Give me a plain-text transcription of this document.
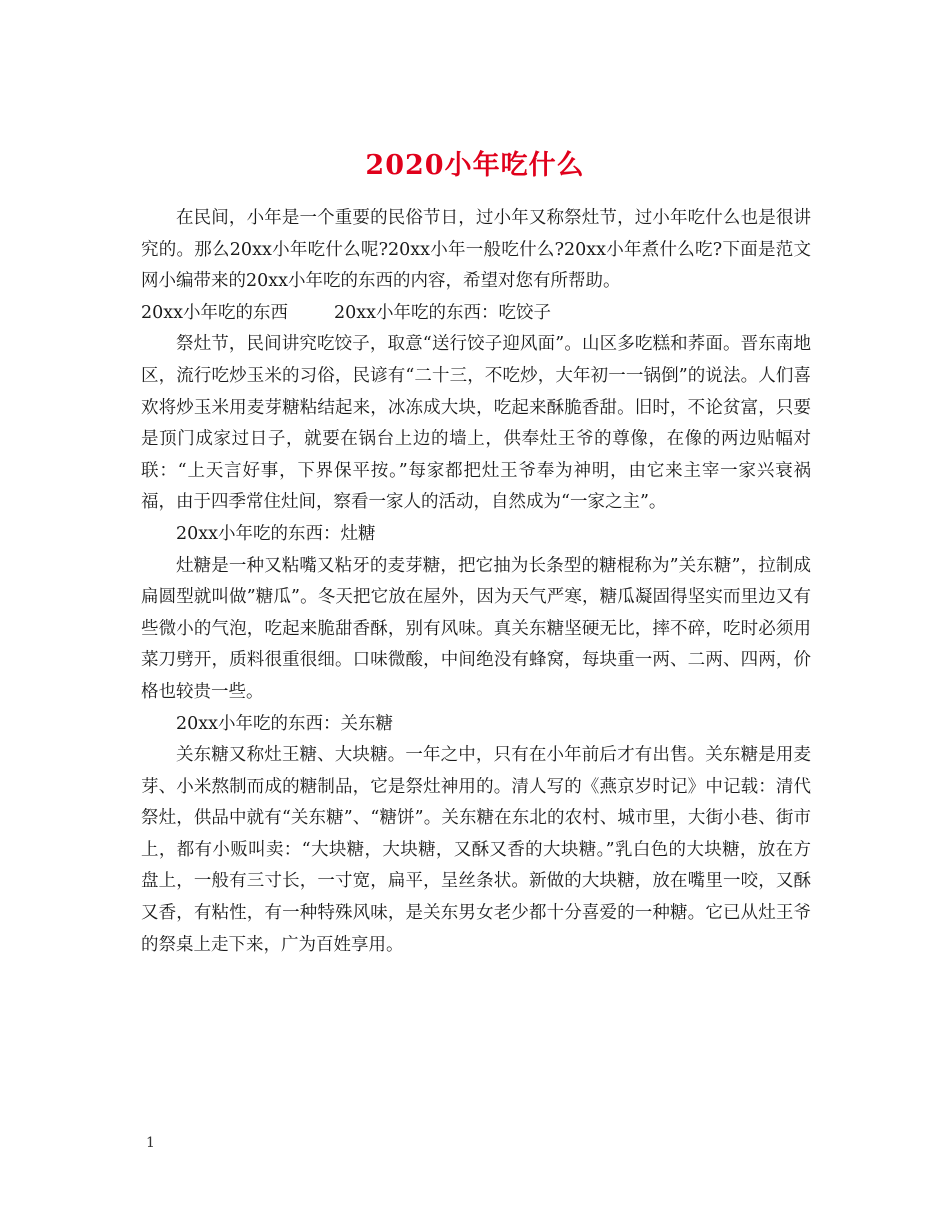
2020小年吃什么

在民间，小年是一个重要的民俗节日，过小年又称祭灶节，过小年吃什么也是很讲究的。那么20xx小年吃什么呢?20xx小年一般吃什么?20xx小年煮什么吃?下面是范文网小编带来的20xx小年吃的东西的内容，希望对您有所帮助。

20xx小年吃的东西	20xx小年吃的东西：吃饺子

祭灶节，民间讲究吃饺子，取意“送行饺子迎风面”。山区多吃糕和荞面。晋东南地区，流行吃炒玉米的习俗，民谚有“二十三，不吃炒，大年初一一锅倒”的说法。人们喜欢将炒玉米用麦芽糖粘结起来，冰冻成大块，吃起来酥脆香甜。旧时，不论贫富，只要是顶门成家过日子，就要在锅台上边的墙上，供奉灶王爷的尊像，在像的两边贴幅对联：“上天言好事，下界保平按。”每家都把灶王爷奉为神明，由它来主宰一家兴衰祸福，由于四季常住灶间，察看一家人的活动，自然成为“一家之主”。

20xx小年吃的东西：灶糖

灶糖是一种又粘嘴又粘牙的麦芽糖，把它抽为长条型的糖棍称为”关东糖”，拉制成扁圆型就叫做”糖瓜”。冬天把它放在屋外，因为天气严寒，糖瓜凝固得坚实而里边又有些微小的气泡，吃起来脆甜香酥，别有风味。真关东糖坚硬无比，摔不碎，吃时必须用菜刀劈开，质料很重很细。口味微酸，中间绝没有蜂窝，每块重一两、二两、四两，价格也较贵一些。

20xx小年吃的东西：关东糖

关东糖又称灶王糖、大块糖。一年之中，只有在小年前后才有出售。关东糖是用麦芽、小米熬制而成的糖制品，它是祭灶神用的。清人写的《燕京岁时记》中记载：清代祭灶，供品中就有“关东糖”、“糖饼”。关东糖在东北的农村、城市里，大街小巷、街市上，都有小贩叫卖：“大块糖，大块糖，又酥又香的大块糖。”乳白色的大块糖，放在方盘上，一般有三寸长，一寸宽，扁平，呈丝条状。新做的大块糖，放在嘴里一咬，又酥又香，有粘性，有一种特殊风味，是关东男女老少都十分喜爱的一种糖。它已从灶王爷的祭桌上走下来，广为百姓享用。

1
